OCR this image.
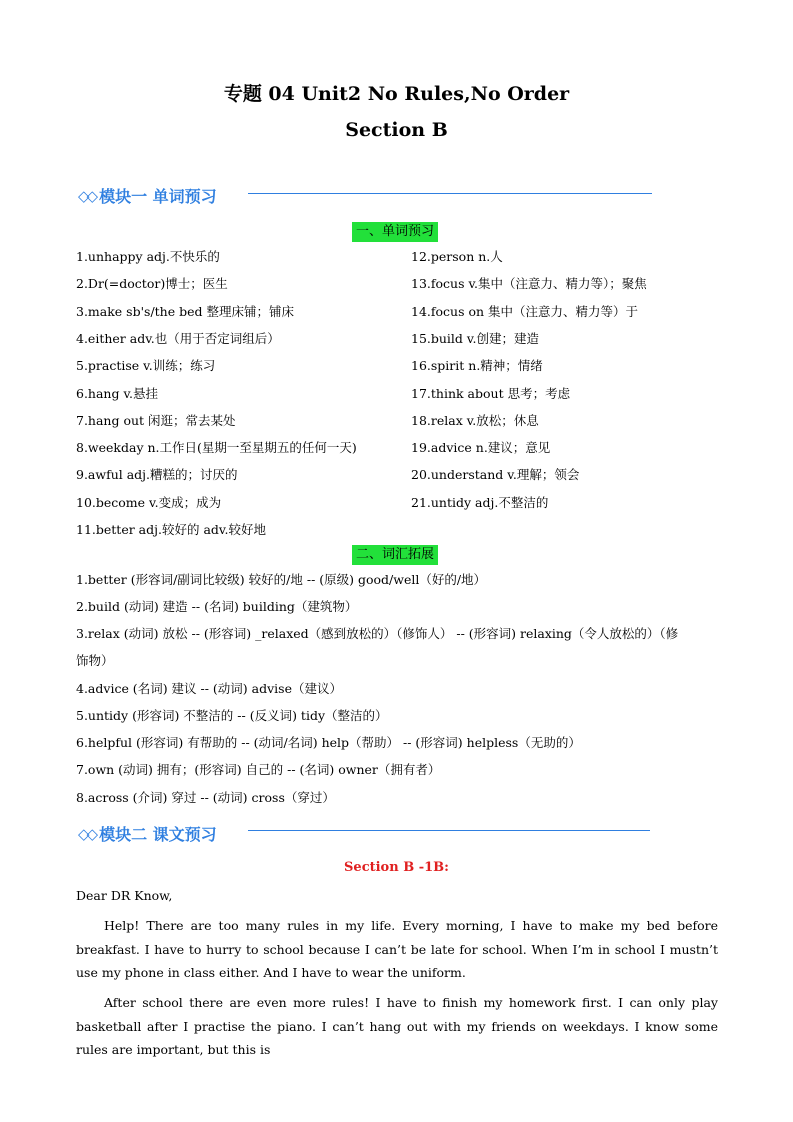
专题 04 Unit2 No Rules,No Order
Section B
◇◇ 模块一 单词预习
一、单词预习
1.unhappy adj.不快乐的
2.Dr(=doctor)博士；医生
3.make sb's/the bed 整理床铺；铺床
4.either adv.也（用于否定词组后）
5.practise v.训练；练习
6.hang v.悬挂
7.hang out 闲逛；常去某处
8.weekday n.工作日(星期一至星期五的任何一天)
9.awful adj.糟糕的；讨厌的
10.become v.变成；成为
11.better adj.较好的 adv.较好地
12.person n.人
13.focus v.集中（注意力、精力等）；聚焦
14.focus on 集中（注意力、精力等）于
15.build v.创建；建造
16.spirit n.精神；情绪
17.think about 思考；考虑
18.relax v.放松；休息
19.advice n.建议；意见
20.understand v.理解；领会
21.untidy adj.不整洁的
二、词汇拓展
1.better (形容词/副词比较级) 较好的/地 -- (原级) good/well（好的/地）
2.build (动词) 建造 -- (名词) building（建筑物）
3.relax (动词) 放松 -- (形容词) _relaxed（感到放松的）（修饰人） -- (形容词) relaxing（令人放松的）（修
饰物）
4.advice (名词) 建议 -- (动词) advise（建议）
5.untidy (形容词) 不整洁的 -- (反义词) tidy（整洁的）
6.helpful (形容词) 有帮助的 -- (动词/名词) help（帮助） -- (形容词) helpless（无助的）
7.own (动词) 拥有；(形容词) 自己的 -- (名词) owner（拥有者）
8.across (介词) 穿过 -- (动词) cross（穿过）
◇◇ 模块二 课文预习
Section B -1B:
Dear DR Know,
Help! There are too many rules in my life. Every morning, I have to make my bed before breakfast. I have to hurry to school because I can’t be late for school. When I’m in school I mustn’t use my phone in class either. And I have to wear the uniform.
After school there are even more rules! I have to finish my homework first. I can only play basketball after I practise the piano. I can’t hang out with my friends on weekdays. I know some rules are important, but this is
